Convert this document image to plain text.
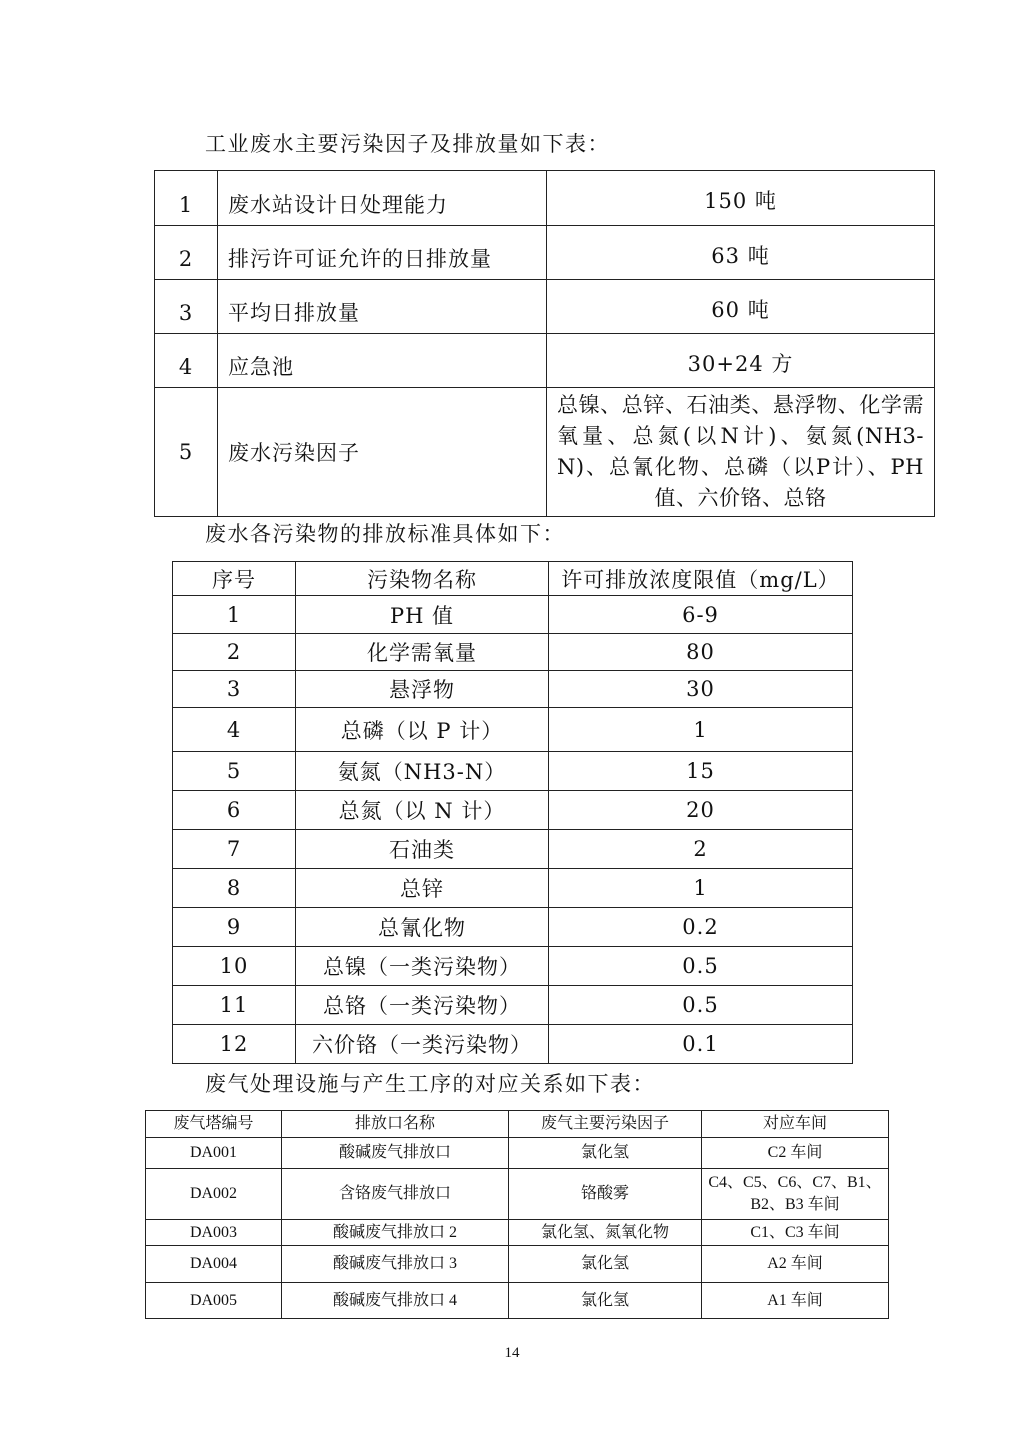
工业废水主要污染因子及排放量如下表：

1	废水站设计日处理能力	150 吨
2	排污许可证允许的日排放量	63 吨
3	平均日排放量	60 吨
4	应急池	30+24 方
5	废水污染因子	总镍、总锌、石油类、悬浮物、化学需氧量、总氮(以N计)、氨氮(NH3-N)、总氰化物、总磷（以P计）、PH值、六价铬、总铬

废水各污染物的排放标准具体如下：

序号	污染物名称	许可排放浓度限值（mg/L）
1	PH 值	6-9
2	化学需氧量	80
3	悬浮物	30
4	总磷（以 P 计）	1
5	氨氮（NH3-N）	15
6	总氮（以 N 计）	20
7	石油类	2
8	总锌	1
9	总氰化物	0.2
10	总镍（一类污染物）	0.5
11	总铬（一类污染物）	0.5
12	六价铬（一类污染物）	0.1

废气处理设施与产生工序的对应关系如下表：

废气塔编号	排放口名称	废气主要污染因子	对应车间
DA001	酸碱废气排放口	氯化氢	C2 车间
DA002	含铬废气排放口	铬酸雾	C4、C5、C6、C7、B1、B2、B3 车间
DA003	酸碱废气排放口 2	氯化氢、氮氧化物	C1、C3 车间
DA004	酸碱废气排放口 3	氯化氢	A2 车间
DA005	酸碱废气排放口 4	氯化氢	A1 车间
14
